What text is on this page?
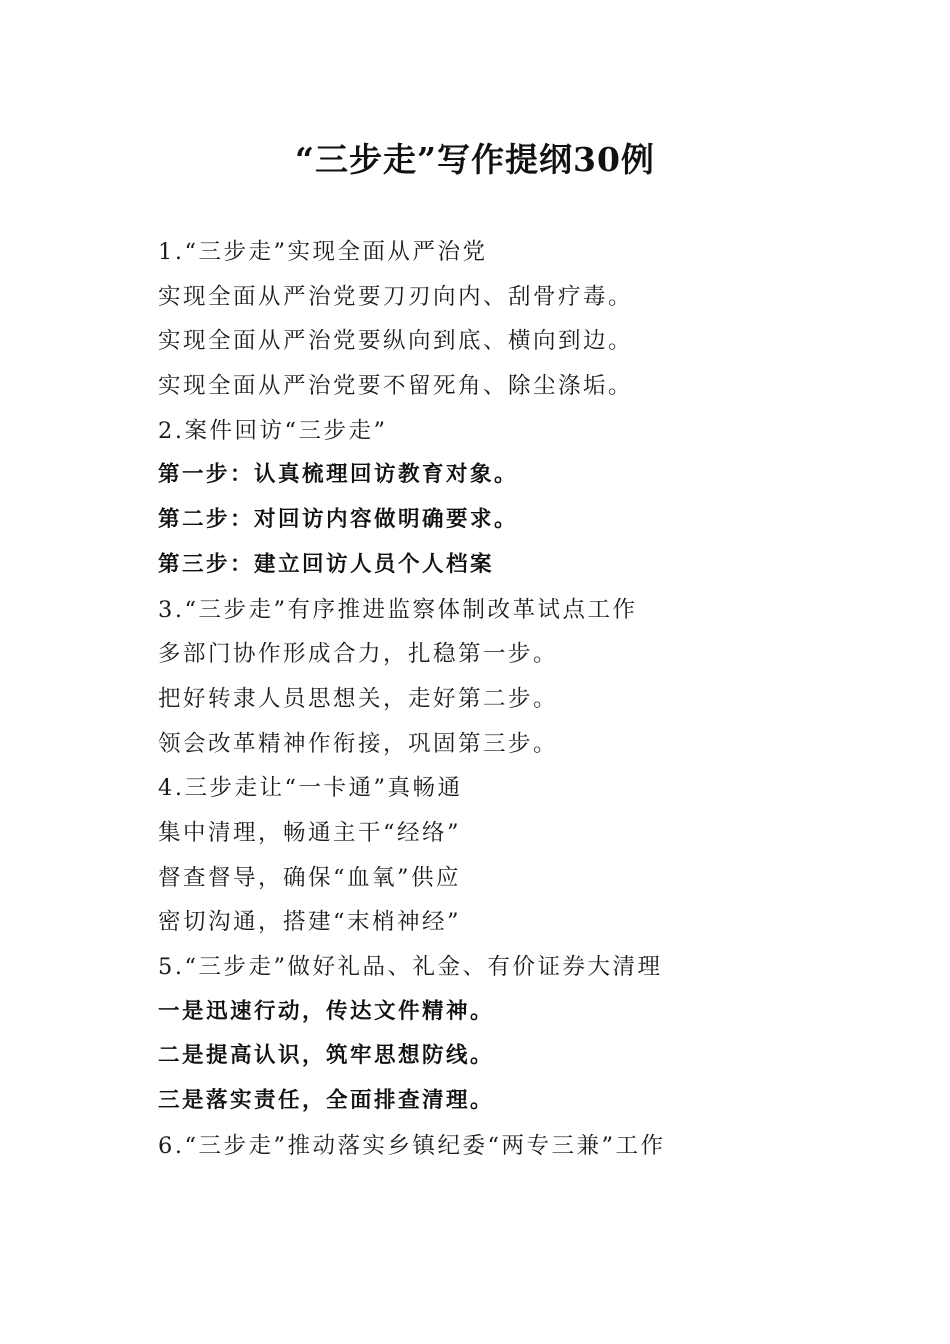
“三步走”写作提纲30例
1.“三步走”实现全面从严治党
实现全面从严治党要刀刃向内、刮骨疗毒。
实现全面从严治党要纵向到底、横向到边。
实现全面从严治党要不留死角、除尘涤垢。
2.案件回访“三步走”
第一步：认真梳理回访教育对象。
第二步：对回访内容做明确要求。
第三步：建立回访人员个人档案
3.“三步走”有序推进监察体制改革试点工作
多部门协作形成合力，扎稳第一步。
把好转隶人员思想关，走好第二步。
领会改革精神作衔接，巩固第三步。
4.三步走让“一卡通”真畅通
集中清理，畅通主干“经络”
督查督导，确保“血氧”供应
密切沟通，搭建“末梢神经”
5.“三步走”做好礼品、礼金、有价证券大清理
一是迅速行动，传达文件精神。
二是提高认识，筑牢思想防线。
三是落实责任，全面排查清理。
6.“三步走”推动落实乡镇纪委“两专三兼”工作
